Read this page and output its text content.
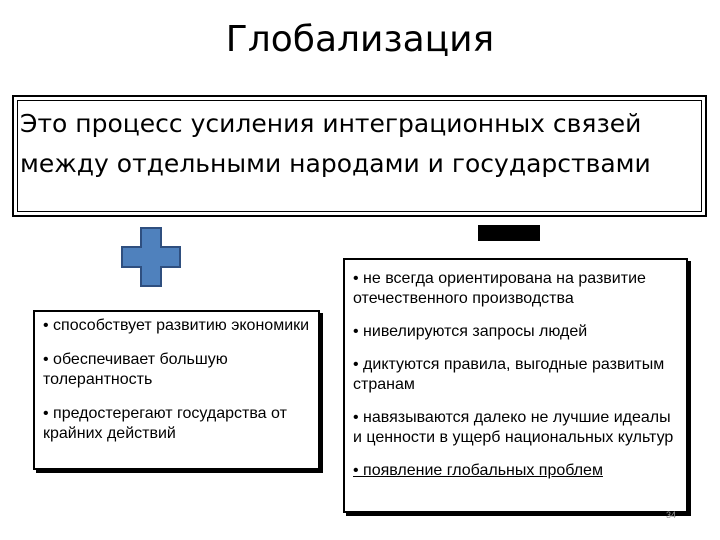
Глобализация
Это процесс усиления интеграционных связей между отдельными народами и государствами

• способствует развитию экономики

• обеспечивает большую толерантность

• предостерегают государства от крайних действий

• не всегда ориентирована на развитие отечественного производства

• нивелируются запросы людей

• диктуются правила, выгодные развитым странам

• навязываются далеко не лучшие идеалы и ценности в ущерб национальных культур

• появление глобальных проблем

34
